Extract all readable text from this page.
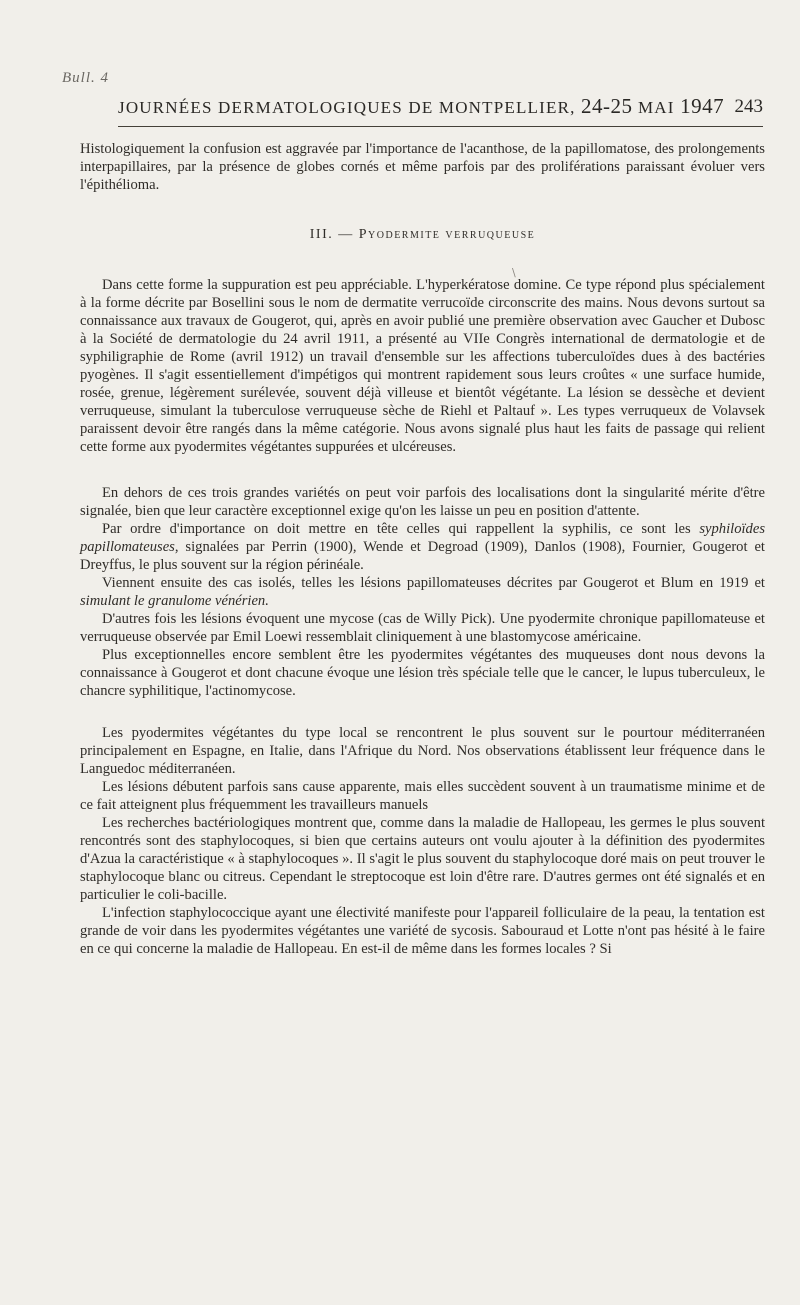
Bull. 4
JOURNÉES DERMATOLOGIQUES DE MONTPELLIER, 24-25 MAI 1947 243
\

Histologiquement la confusion est aggravée par l'importance de l'acanthose, de la papillomatose, des prolongements interpapillaires, par la présence de globes cornés et même parfois par des proliférations paraissant évoluer vers l'épithélioma.

III. — Pyodermite verruqueuse

Dans cette forme la suppuration est peu appréciable. L'hyperkératose domine. Ce type répond plus spécialement à la forme décrite par Bosellini sous le nom de dermatite verrucoïde circonscrite des mains. Nous devons surtout sa connaissance aux travaux de Gougerot, qui, après en avoir publié une première observation avec Gaucher et Dubosc à la Société de dermatologie du 24 avril 1911, a présenté au VIIe Congrès international de dermatologie et de syphiligraphie de Rome (avril 1912) un travail d'ensemble sur les affections tuberculoïdes dues à des bactéries pyogènes. Il s'agit essentiellement d'impétigos qui montrent rapidement sous leurs croûtes « une surface humide, rosée, grenue, légèrement surélevée, souvent déjà villeuse et bientôt végétante. La lésion se dessèche et devient verruqueuse, simulant la tuberculose verruqueuse sèche de Riehl et Paltauf ». Les types verruqueux de Volavsek paraissent devoir être rangés dans la même catégorie. Nous avons signalé plus haut les faits de passage qui relient cette forme aux pyodermites végétantes suppurées et ulcéreuses.

En dehors de ces trois grandes variétés on peut voir parfois des localisations dont la singularité mérite d'être signalée, bien que leur caractère exceptionnel exige qu'on les laisse un peu en position d'attente.

Par ordre d'importance on doit mettre en tête celles qui rappellent la syphilis, ce sont les syphiloïdes papillomateuses, signalées par Perrin (1900), Wende et Degroad (1909), Danlos (1908), Fournier, Gougerot et Dreyffus, le plus souvent sur la région périnéale.

Viennent ensuite des cas isolés, telles les lésions papillomateuses décrites par Gougerot et Blum en 1919 et simulant le granulome vénérien.

D'autres fois les lésions évoquent une mycose (cas de Willy Pick). Une pyodermite chronique papillomateuse et verruqueuse observée par Emil Loewi ressemblait cliniquement à une blastomycose américaine.

Plus exceptionnelles encore semblent être les pyodermites végétantes des muqueuses dont nous devons la connaissance à Gougerot et dont chacune évoque une lésion très spéciale telle que le cancer, le lupus tuberculeux, le chancre syphilitique, l'actinomycose.

Les pyodermites végétantes du type local se rencontrent le plus souvent sur le pourtour méditerranéen principalement en Espagne, en Italie, dans l'Afrique du Nord. Nos observations établissent leur fréquence dans le Languedoc méditerranéen.

Les lésions débutent parfois sans cause apparente, mais elles succèdent souvent à un traumatisme minime et de ce fait atteignent plus fréquemment les travailleurs manuels

Les recherches bactériologiques montrent que, comme dans la maladie de Hallopeau, les germes le plus souvent rencontrés sont des staphylocoques, si bien que certains auteurs ont voulu ajouter à la définition des pyodermites d'Azua la caractéristique « à staphylocoques ». Il s'agit le plus souvent du staphylocoque doré mais on peut trouver le staphylocoque blanc ou citreus. Cependant le streptocoque est loin d'être rare. D'autres germes ont été signalés et en particulier le coli-bacille.

L'infection staphylococcique ayant une électivité manifeste pour l'appareil folliculaire de la peau, la tentation est grande de voir dans les pyodermites végétantes une variété de sycosis. Sabouraud et Lotte n'ont pas hésité à le faire en ce qui concerne la maladie de Hallopeau. En est-il de même dans les formes locales ? Si
